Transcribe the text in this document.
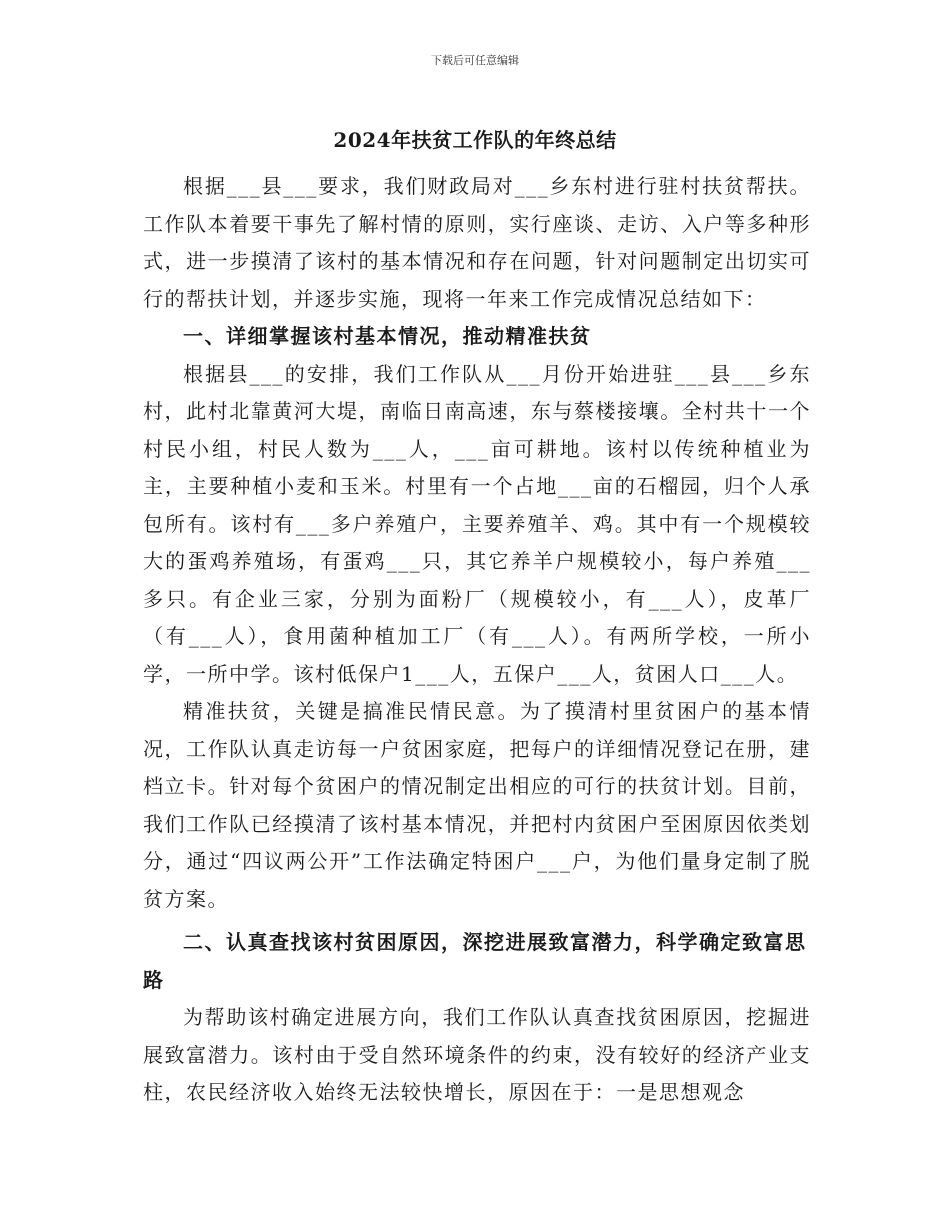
下载后可任意编辑
2024年扶贫工作队的年终总结

根据___县___要求，我们财政局对___乡东村进行驻村扶贫帮扶。工作队本着要干事先了解村情的原则，实行座谈、走访、入户等多种形式，进一步摸清了该村的基本情况和存在问题，针对问题制定出切实可行的帮扶计划，并逐步实施，现将一年来工作完成情况总结如下：

一、详细掌握该村基本情况，推动精准扶贫

根据县___的安排，我们工作队从___月份开始进驻___县___乡东村，此村北靠黄河大堤，南临日南高速，东与蔡楼接壤。全村共十一个村民小组，村民人数为___人，___亩可耕地。该村以传统种植业为主，主要种植小麦和玉米。村里有一个占地___亩的石榴园，归个人承包所有。该村有___多户养殖户，主要养殖羊、鸡。其中有一个规模较大的蛋鸡养殖场，有蛋鸡___只，其它养羊户规模较小，每户养殖___多只。有企业三家，分别为面粉厂（规模较小，有___人），皮革厂（有___人），食用菌种植加工厂（有___人）。有两所学校，一所小学，一所中学。该村低保户1___人，五保户___人，贫困人口___人。

精准扶贫，关键是搞准民情民意。为了摸清村里贫困户的基本情况，工作队认真走访每一户贫困家庭，把每户的详细情况登记在册，建档立卡。针对每个贫困户的情况制定出相应的可行的扶贫计划。目前，我们工作队已经摸清了该村基本情况，并把村内贫困户至困原因依类划分，通过“四议两公开”工作法确定特困户___户，为他们量身定制了脱贫方案。

二、认真查找该村贫困原因，深挖进展致富潜力，科学确定致富思路

为帮助该村确定进展方向，我们工作队认真查找贫困原因，挖掘进展致富潜力。该村由于受自然环境条件的约束，没有较好的经济产业支柱，农民经济收入始终无法较快增长，原因在于：一是思想观念
